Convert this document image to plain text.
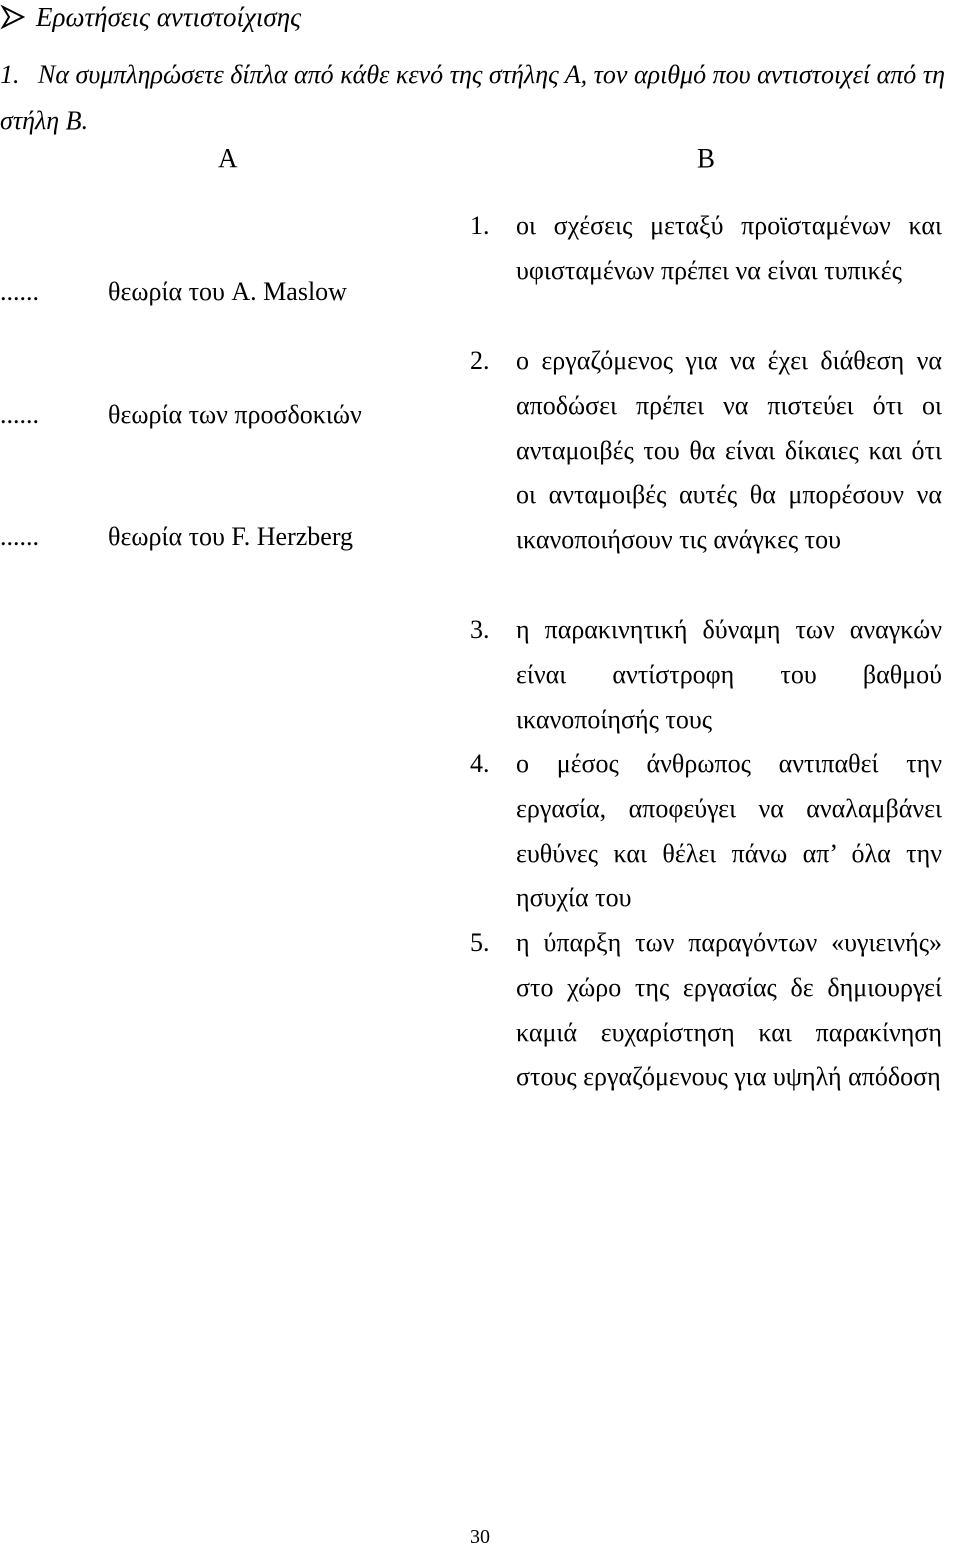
Ερωτήσεις αντιστοίχισης
1. Να συμπληρώσετε δίπλα από κάθε κενό της στήλης Α, τον αριθμό που αντιστοιχεί από τη στήλη Β.
Α	Β
......	θεωρία του A. Maslow
......	θεωρία των προσδοκιών
......	θεωρία του F. Herzberg
1.	οι σχέσεις μεταξύ προϊσταμένων και υφισταμένων πρέπει να είναι τυπικές
2.	ο εργαζόμενος για να έχει διάθεση να αποδώσει πρέπει να πιστεύει ότι οι ανταμοιβές του θα είναι δίκαιες και ότι οι ανταμοιβές αυτές θα μπορέσουν να ικανοποιήσουν τις ανάγκες του
3.	η παρακινητική δύναμη των αναγκών είναι αντίστροφη του βαθμού ικανοποίησής τους
4.	ο μέσος άνθρωπος αντιπαθεί την εργασία, αποφεύγει να αναλαμβάνει ευθύνες και θέλει πάνω απ’ όλα την ησυχία του
5.	η ύπαρξη των παραγόντων «υγιεινής» στο χώρο της εργασίας δε δημιουργεί καμιά ευχαρίστηση και παρακίνηση στους εργαζόμενους για υψηλή απόδοση
30
